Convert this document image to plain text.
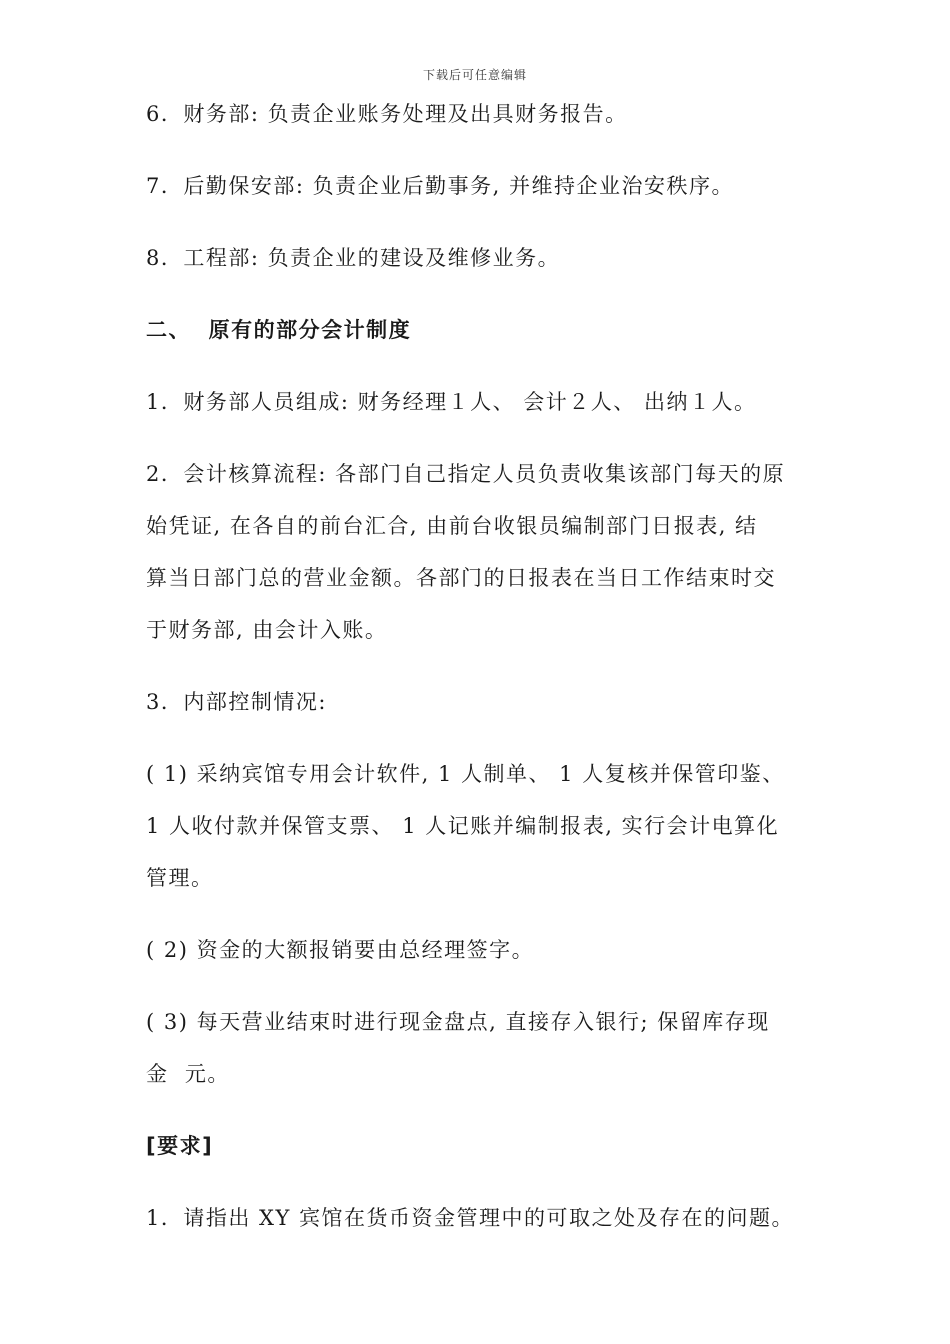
下载后可任意编辑
6．财务部: 负责企业账务处理及出具财务报告。
7．后勤保安部: 负责企业后勤事务, 并维持企业治安秩序。
8．工程部: 负责企业的建设及维修业务。
二、  原有的部分会计制度
1．财务部人员组成: 财务经理１人、 会计２人、 出纳１人。
2．会计核算流程: 各部门自己指定人员负责收集该部门每天的原
始凭证, 在各自的前台汇合, 由前台收银员编制部门日报表, 结
算当日部门总的营业金额。各部门的日报表在当日工作结束时交
于财务部, 由会计入账。
3．内部控制情况:
( 1) 采纳宾馆专用会计软件, 1 人制单、 1 人复核并保管印鉴、
1 人收付款并保管支票、 1 人记账并编制报表, 实行会计电算化
管理。
( 2) 资金的大额报销要由总经理签字。
( 3) 每天营业结束时进行现金盘点, 直接存入银行; 保留库存现
金  元。
[要求]
1．请指出 XY 宾馆在货币资金管理中的可取之处及存在的问题。
